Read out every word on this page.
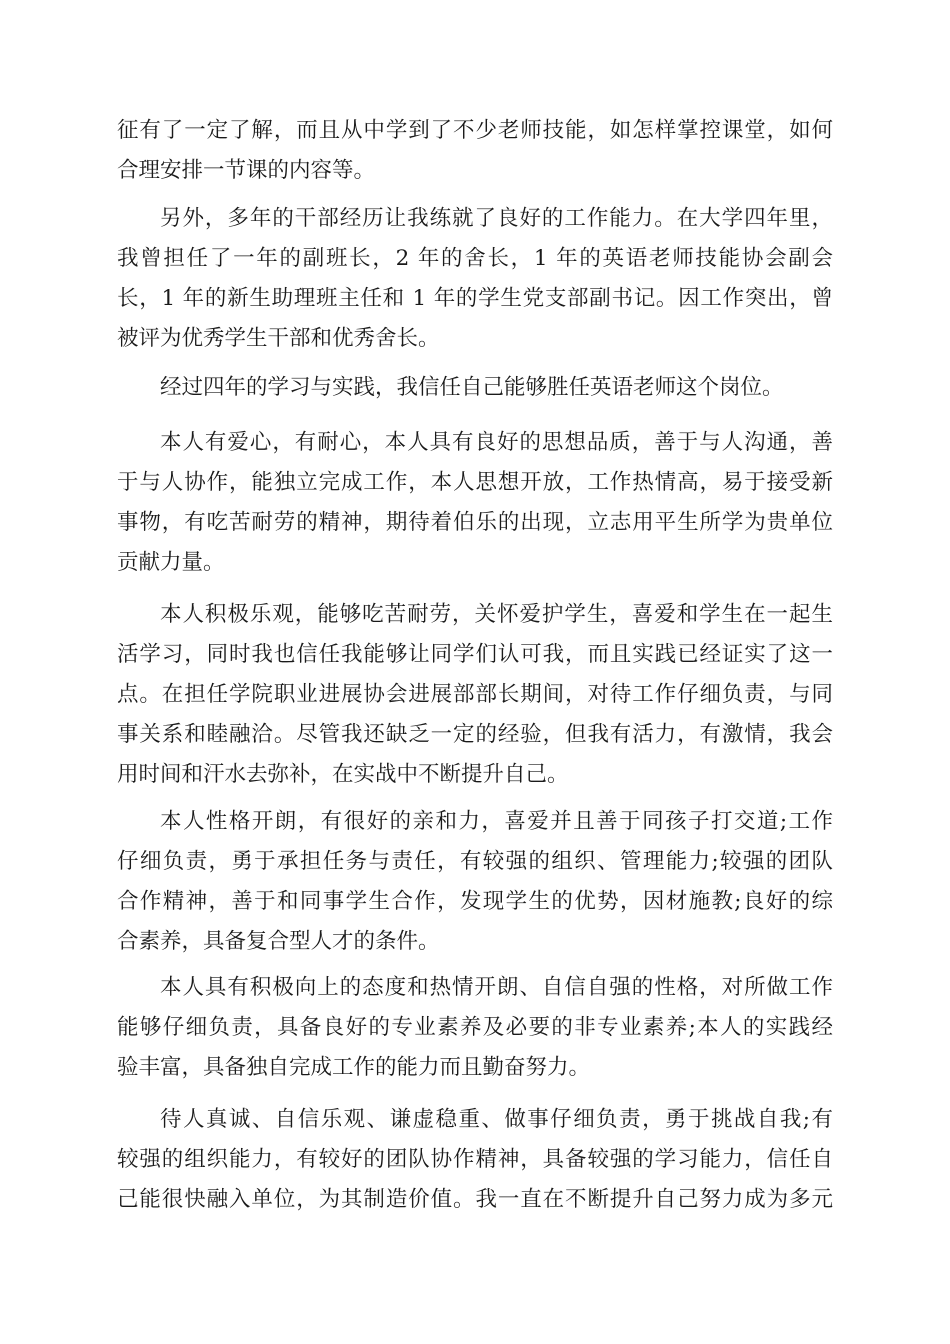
征有了一定了解，而且从中学到了不少老师技能，如怎样掌控课堂，如何
合理安排一节课的内容等。
另外，多年的干部经历让我练就了良好的工作能力。在大学四年里，
我曾担任了一年的副班长，2 年的舍长，1 年的英语老师技能协会副会
长，1 年的新生助理班主任和 1 年的学生党支部副书记。因工作突出，曾
被评为优秀学生干部和优秀舍长。
经过四年的学习与实践，我信任自己能够胜任英语老师这个岗位。
本人有爱心，有耐心，本人具有良好的思想品质，善于与人沟通，善
于与人协作，能独立完成工作，本人思想开放，工作热情高，易于接受新
事物，有吃苦耐劳的精神，期待着伯乐的出现，立志用平生所学为贵单位
贡献力量。
本人积极乐观，能够吃苦耐劳，关怀爱护学生，喜爱和学生在一起生
活学习，同时我也信任我能够让同学们认可我，而且实践已经证实了这一
点。在担任学院职业进展协会进展部部长期间，对待工作仔细负责，与同
事关系和睦融洽。尽管我还缺乏一定的经验，但我有活力，有激情，我会
用时间和汗水去弥补，在实战中不断提升自己。
本人性格开朗，有很好的亲和力，喜爱并且善于同孩子打交道;工作
仔细负责，勇于承担任务与责任，有较强的组织、管理能力;较强的团队
合作精神，善于和同事学生合作，发现学生的优势，因材施教;良好的综
合素养，具备复合型人才的条件。
本人具有积极向上的态度和热情开朗、自信自强的性格，对所做工作
能够仔细负责，具备良好的专业素养及必要的非专业素养;本人的实践经
验丰富，具备独自完成工作的能力而且勤奋努力。
待人真诚、自信乐观、谦虚稳重、做事仔细负责，勇于挑战自我;有
较强的组织能力，有较好的团队协作精神，具备较强的学习能力，信任自
己能很快融入单位，为其制造价值。我一直在不断提升自己努力成为多元
